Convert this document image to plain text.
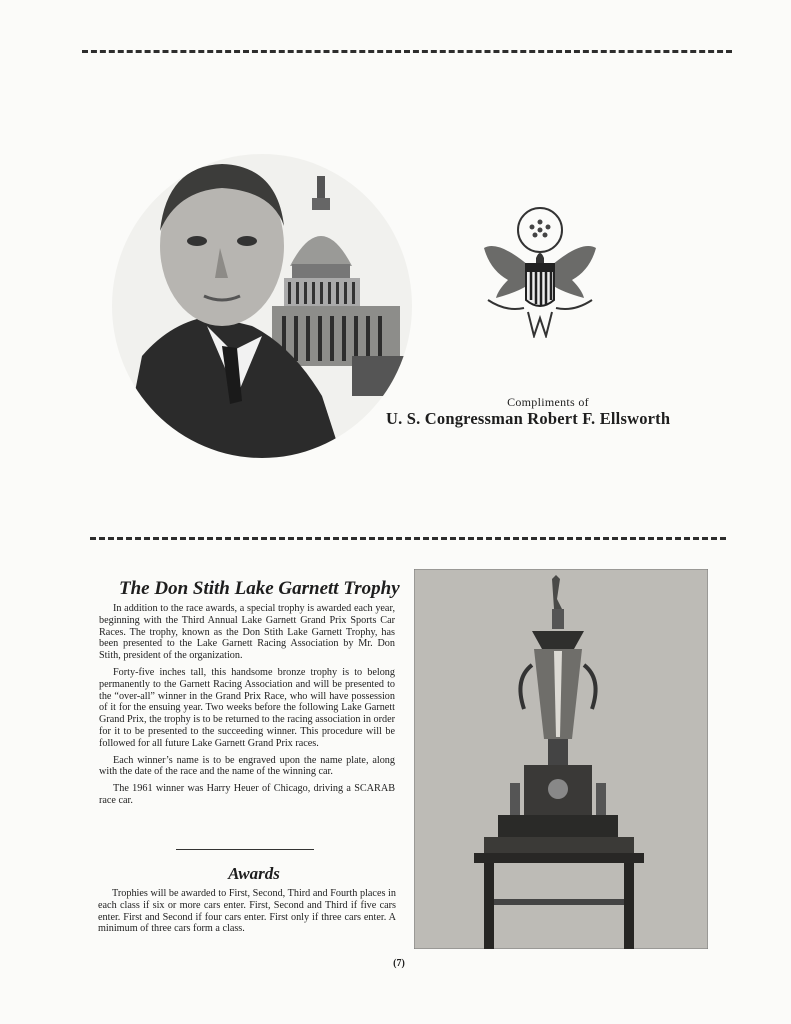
Compliments of
U. S. Congressman Robert F. Ellsworth
The Don Stith Lake Garnett Trophy

In addition to the race awards, a special trophy is awarded each year, beginning with the Third Annual Lake Garnett Grand Prix Sports Car Races. The trophy, known as the Don Stith Lake Garnett Trophy, has been presented to the Lake Garnett Racing Association by Mr. Don Stith, president of the organization.

Forty-five inches tall, this handsome bronze trophy is to belong permanently to the Garnett Racing Association and will be presented to the “over-all” winner in the Grand Prix Race, who will have possession of it for the ensuing year. Two weeks before the following Lake Garnett Grand Prix, the trophy is to be returned to the racing association in order for it to be presented to the succeeding winner. This procedure will be followed for all future Lake Garnett Grand Prix races.

Each winner’s name is to be engraved upon the name plate, along with the date of the race and the name of the winning car.

The 1961 winner was Harry Heuer of Chicago, driving a SCARAB race car.

Awards

Trophies will be awarded to First, Second, Third and Fourth places in each class if six or more cars enter. First, Second and Third if five cars enter. First and Second if four cars enter. First only if three cars enter. A minimum of three cars form a class.

(7)
